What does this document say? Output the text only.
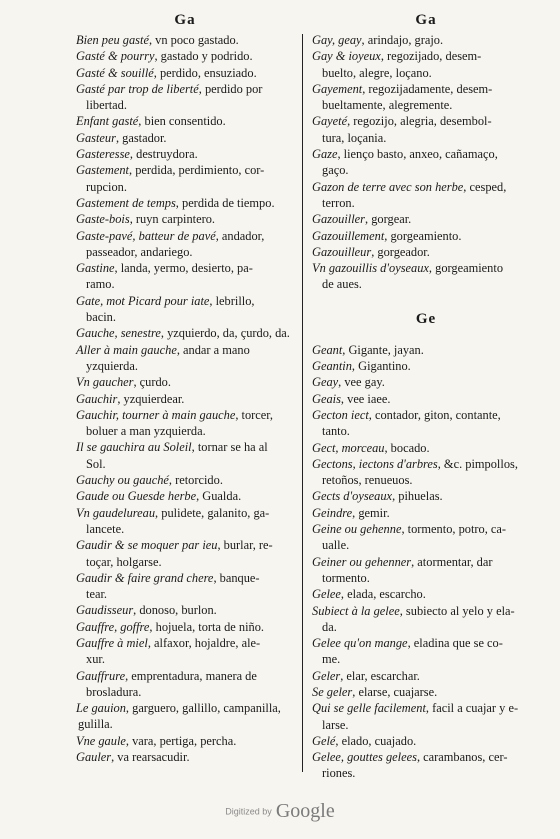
Ga

Bien peu gasté, vn poco gastado.

Gasté & pourry, gastado y podrido.

Gasté & souillé, perdido, ensuziado.

Gasté par trop de liberté, perdido por
libertad.

Enfant gasté, bien consentido.

Gasteur, gastador.

Gasteresse, destruydora.

Gastement, perdida, perdimiento, cor-
rupcion.

Gastement de temps, perdida de tiempo.

Gaste-bois, ruyn carpintero.

Gaste-pavé, batteur de pavé, andador,
passeador, andariego.

Gastine, landa, yermo, desierto, pa-
ramo.

Gate, mot Picard pour iate, lebrillo,
bacin.

Gauche, senestre, yzquierdo, da, çurdo, da.

Aller à main gauche, andar a mano
yzquierda.

Vn gaucher, çurdo.

Gauchir, yzquierdear.

Gauchir, tourner à main gauche, torcer,
boluer a man yzquierda.

Il se gauchira au Soleil, tornar se ha al
Sol.

Gauchy ou gauché, retorcido.

Gaude ou Guesde herbe, Gualda.

Vn gaudelureau, pulidete, galanito, ga-
lancete.

Gaudir & se moquer par ieu, burlar, re-
toçar, holgarse.

Gaudir & faire grand chere, banque-
tear.

Gaudisseur, donoso, burlon.

Gauffre, goffre, hojuela, torta de niño.

Gauffre à miel, alfaxor, hojaldre, ale-
xur.

Gauffrure, emprentadura, manera de
brosladura.

Le gauion, garguero, gallillo, campanilla, gulilla.

Vne gaule, vara, pertiga, percha.

Gauler, va rearsacudir.

Ga

Gay, geay, arindajo, grajo.

Gay & ioyeux, regozijado, desem-
buelto, alegre, loçano.

Gayement, regozijadamente, desem-
bueltamente, alegremente.

Gayeté, regozijo, alegria, desembol-
tura, loçania.

Gaze, lienço basto, anxeo, cañamaço,
gaço.

Gazon de terre avec son herbe, cesped,
terron.

Gazouiller, gorgear.

Gazouillement, gorgeamiento.

Gazouilleur, gorgeador.

Vn gazouillis d'oyseaux, gorgeamiento
de aues.

Ge

Geant, Gigante, jayan.

Geantin, Gigantino.

Geay, vee gay.

Geais, vee iaee.

Gecton iect, contador, giton, contante,
tanto.

Gect, morceau, bocado.

Gectons, iectons d'arbres, &c. pimpollos,
retoños, renueuos.

Gects d'oyseaux, pihuelas.

Geindre, gemir.

Geine ou gehenne, tormento, potro, ca-
ualle.

Geiner ou gehenner, atormentar, dar
tormento.

Gelee, elada, escarcho.

Subiect à la gelee, subiecto al yelo y ela-
da.

Gelee qu'on mange, eladina que se co-
me.

Geler, elar, escarchar.

Se geler, elarse, cuajarse.

Qui se gelle facilement, facil a cuajar y e-
larse.

Gelé, elado, cuajado.

Gelee, gouttes gelees, carambanos, cer-
riones.

Digitized by Google
